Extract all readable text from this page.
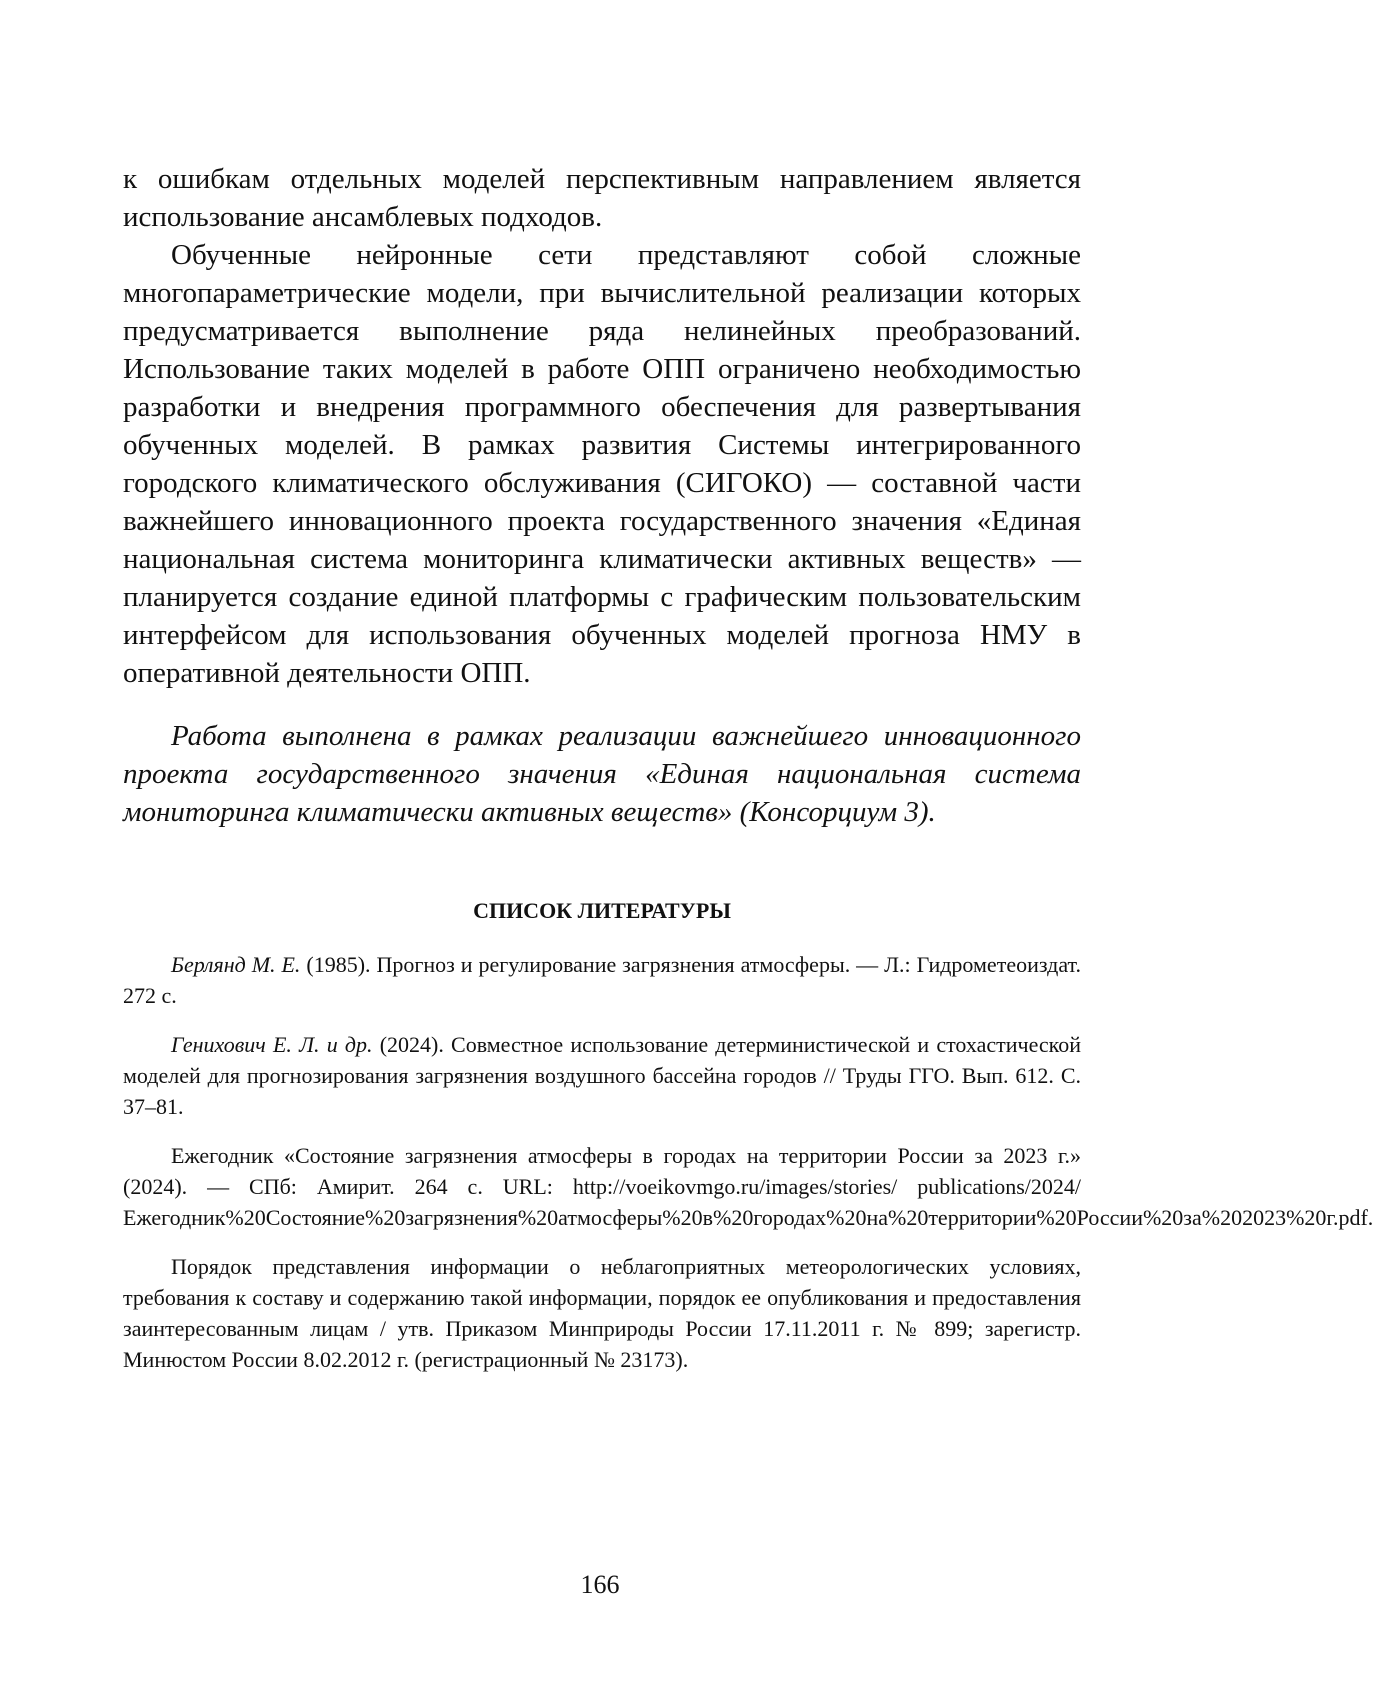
к ошибкам отдельных моделей перспективным направлением является использование ансамблевых подходов.

Обученные нейронные сети представляют собой сложные многопараметрические модели, при вычислительной реализации которых предусматривается выполнение ряда нелинейных преобразований. Использование таких моделей в работе ОПП ограничено необходимостью разработки и внедрения программного обеспечения для развертывания обученных моделей. В рамках развития Системы интегрированного городского климатического обслуживания (СИГОКО) — составной части важнейшего инновационного проекта государственного значения «Единая национальная система мониторинга климатически активных веществ» — планируется создание единой платформы с графическим пользовательским интерфейсом для использования обученных моделей прогноза НМУ в оперативной деятельности ОПП.

Работа выполнена в рамках реализации важнейшего инновационного проекта государственного значения «Единая национальная система мониторинга климатически активных веществ» (Консорциум 3).

СПИСОК ЛИТЕРАТУРЫ

Берлянд М. Е. (1985). Прогноз и регулирование загрязнения атмосферы. — Л.: Гидрометеоиздат. 272 с.

Генихович Е. Л. и др. (2024). Совместное использование детерминистической и стохастической моделей для прогнозирования загрязнения воздушного бассейна городов // Труды ГГО. Вып. 612. С. 37–81.

Ежегодник «Состояние загрязнения атмосферы в городах на территории России за 2023 г.» (2024). — СПб: Амирит. 264 с. URL: http://voeikovmgo.ru/images/stories/ publications/2024/Ежегодник%20Состояние%20загрязнения%20атмосферы%20в%20городах%20на%20территории%20России%20за%202023%20г.pdf.

Порядок представления информации о неблагоприятных метеорологических условиях, требования к составу и содержанию такой информации, порядок ее опубликования и предоставления заинтересованным лицам / утв. Приказом Минприроды России 17.11.2011 г. № 899; зарегистр. Минюстом России 8.02.2012 г. (регистрационный № 23173).

166
